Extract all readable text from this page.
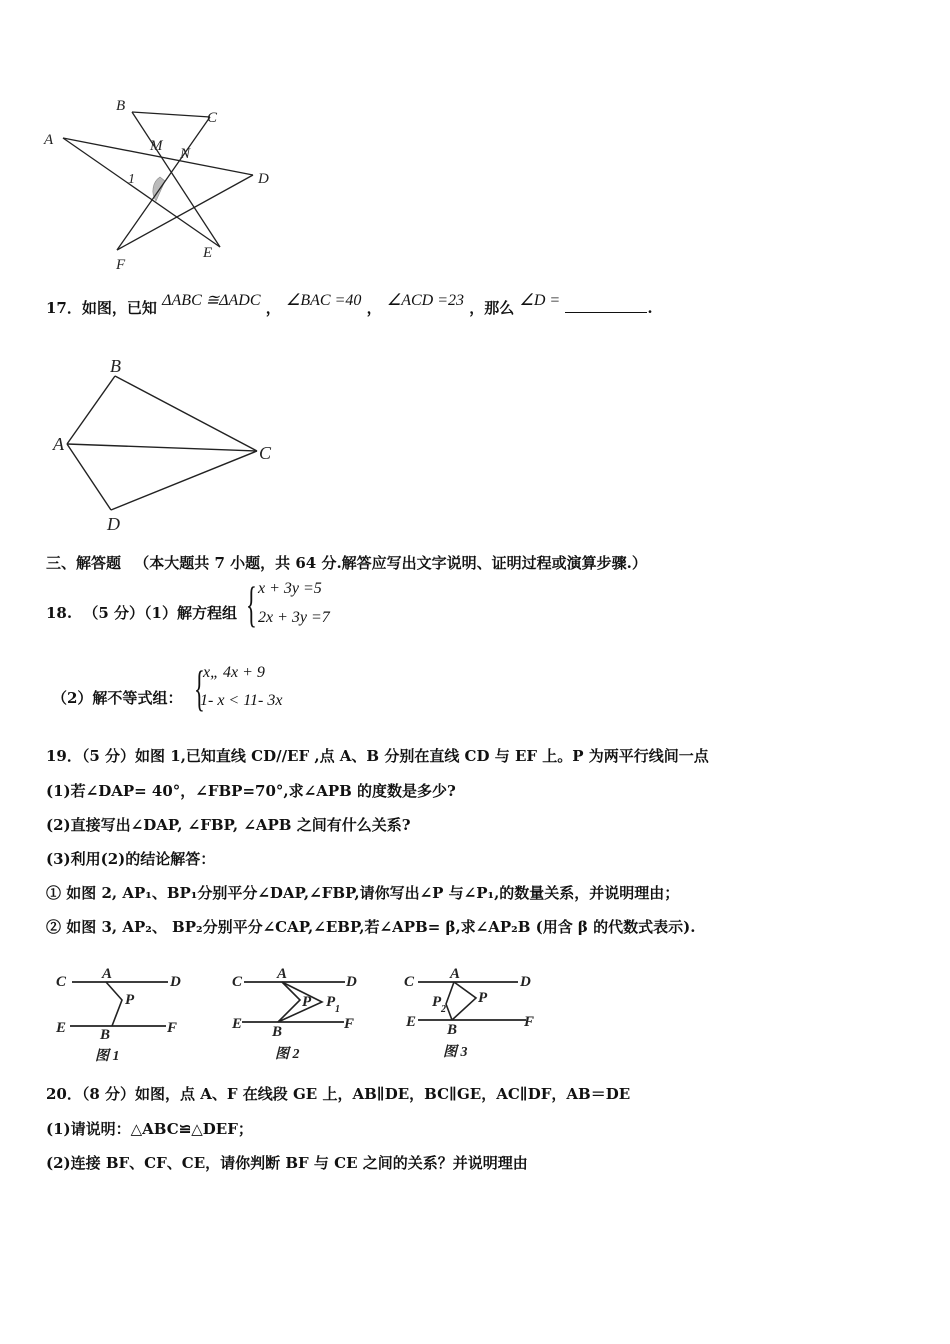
B
C
A	M N
1	D
F
E
17．如图，已知 ΔABC ≅ΔADC ， ∠BAC =40 ， ∠ACD =23 ，那么 ∠D =	.
B
A	C
D
三、解答题 （本大题共 7 小题，共 64 分.解答应写出文字说明、证明过程或演算步骤.）
18. （5 分）（1）解方程组 { x + 3y =5
2x + 3y =7
（2）解不等式组： {
x„ 4x + 9
1- x < 11- 3x
19．（5 分）如图 1,已知直线 CD//EF ,点 A、B 分别在直线 CD 与 EF 上。P 为两平行线间一点
(1)若∠DAP= 40°，∠FBP=70°,求∠APB 的度数是多少?
(2)直接写出∠DAP, ∠FBP, ∠APB 之间有什么关系?
(3)利用(2)的结论解答：
① 如图 2, AP₁、BP₁分别平分∠DAP,∠FBP,请你写出∠P 与∠P₁,的数量关系，并说明理由；
② 如图 3, AP₂、 BP₂分别平分∠CAP,∠EBP,若∠APB= β,求∠AP₂B (用含 β 的代数式表示).
C A	D
P
E B	F
图 1
C A	D
P P 1
E B	F
图 2
C A	D
P
P 2
E B	F
图 3
20．（8 分）如图，点 A、F 在线段 GE 上，AB∥DE，BC∥GE，AC∥DF，AB＝DE
(1)请说明：△ABC≌△DEF；
(2)连接 BF、CF、CE，请你判断 BF 与 CE 之间的关系？并说明理由
